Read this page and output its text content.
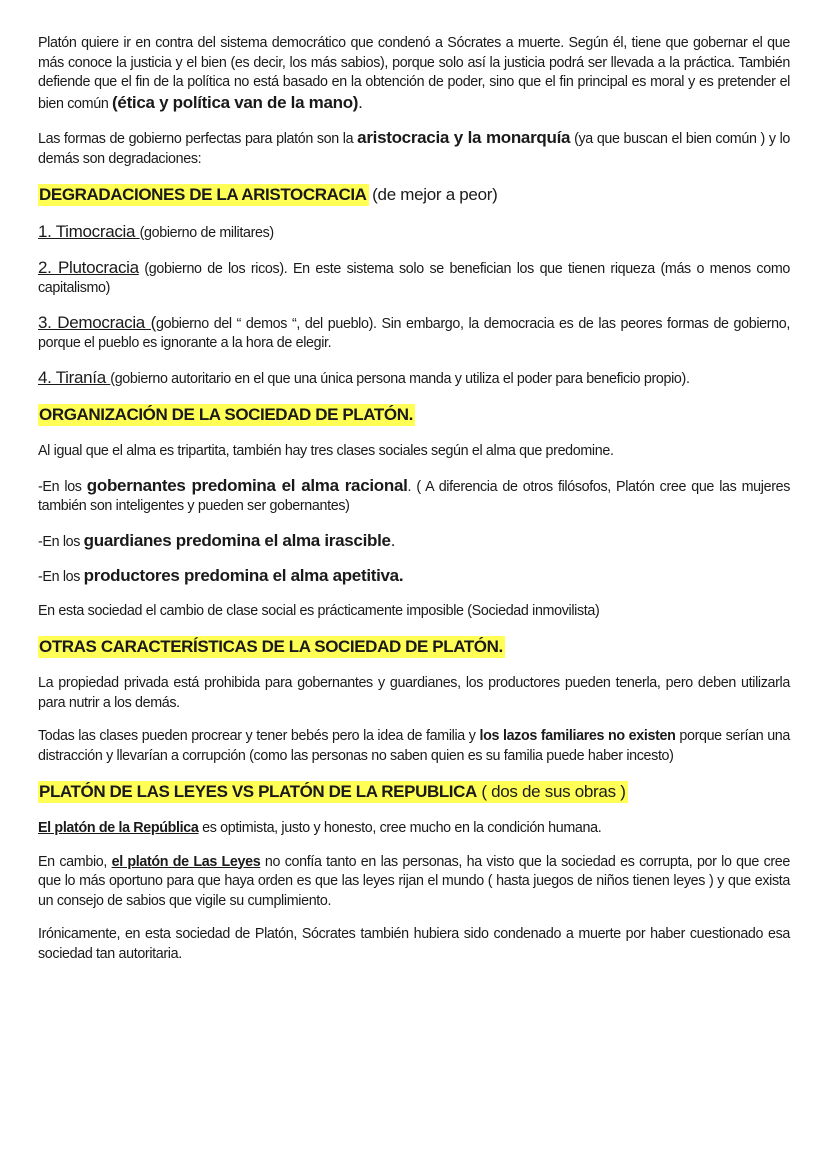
Platón quiere ir en contra del sistema democrático que condenó a Sócrates a muerte. Según él, tiene que gobernar el que más conoce la justicia y el bien (es decir, los más sabios), porque solo así la justicia podrá ser llevada a la práctica. También defiende que el fin de la política no está basado en la obtención de poder, sino que el fin principal es moral y es pretender el bien común (ética y política van de la mano).

Las formas de gobierno perfectas para platón son la aristocracia y la monarquía (ya que buscan el bien común ) y lo demás son degradaciones:

DEGRADACIONES DE LA ARISTOCRACIA (de mejor a peor)

1. Timocracia (gobierno de militares)

2. Plutocracia (gobierno de los ricos). En este sistema solo se benefician los que tienen riqueza (más o menos como capitalismo)

3. Democracia (gobierno del “ demos “, del pueblo). Sin embargo, la democracia es de las peores formas de gobierno, porque el pueblo es ignorante a la hora de elegir.

4. Tiranía (gobierno autoritario en el que una única persona manda y utiliza el poder para beneficio propio).

ORGANIZACIÓN DE LA SOCIEDAD DE PLATÓN.

Al igual que el alma es tripartita, también hay tres clases sociales según el alma que predomine.

-En los gobernantes predomina el alma racional. ( A diferencia de otros filósofos, Platón cree que las mujeres también son inteligentes y pueden ser gobernantes)

-En los guardianes predomina el alma irascible.

-En los productores predomina el alma apetitiva.

En esta sociedad el cambio de clase social es prácticamente imposible (Sociedad inmovilista)

OTRAS CARACTERÍSTICAS DE LA SOCIEDAD DE PLATÓN.

La propiedad privada está prohibida para gobernantes y guardianes, los productores pueden tenerla, pero deben utilizarla para nutrir a los demás.

Todas las clases pueden procrear y tener bebés pero la idea de familia y los lazos familiares no existen porque serían una distracción y llevarían a corrupción (como las personas no saben quien es su familia puede haber incesto)

PLATÓN DE LAS LEYES VS PLATÓN DE LA REPUBLICA ( dos de sus obras )

El platón de la República es optimista, justo y honesto, cree mucho en la condición humana.

En cambio, el platón de Las Leyes no confía tanto en las personas, ha visto que la sociedad es corrupta, por lo que cree que lo más oportuno para que haya orden es que las leyes rijan el mundo ( hasta juegos de niños tienen leyes ) y que exista un consejo de sabios que vigile su cumplimiento.

Irónicamente, en esta sociedad de Platón, Sócrates también hubiera sido condenado a muerte por haber cuestionado esa sociedad tan autoritaria.
